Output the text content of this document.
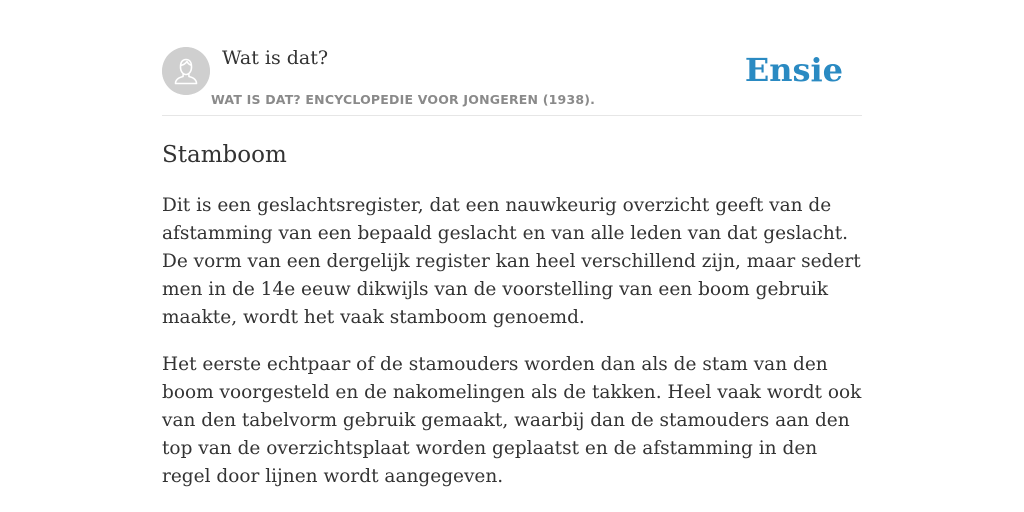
Wat is dat?
WAT IS DAT? ENCYCLOPEDIE VOOR JONGEREN (1938).
Ensie
Stamboom

Dit is een geslachtsregister, dat een nauwkeurig overzicht geeft van de afstamming van een bepaald geslacht en van alle leden van dat geslacht. De vorm van een dergelijk register kan heel verschillend zijn, maar sedert men in de 14e eeuw dikwijls van de voorstelling van een boom gebruik maakte, wordt het vaak stamboom genoemd.

Het eerste echtpaar of de stamouders worden dan als de stam van den boom voorgesteld en de nakomelingen als de takken. Heel vaak wordt ook van den tabelvorm gebruik gemaakt, waarbij dan de stamouders aan den top van de overzichtsplaat worden geplaatst en de afstamming in den regel door lijnen wordt aangegeven.
